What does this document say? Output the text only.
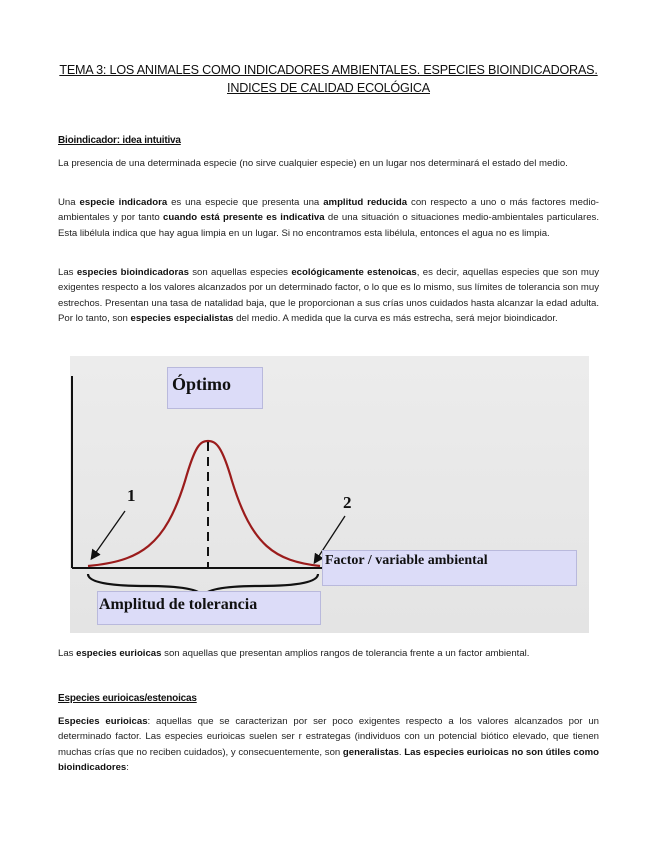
TEMA 3: LOS ANIMALES COMO INDICADORES AMBIENTALES. ESPECIES BIOINDICADORAS.
INDICES DE CALIDAD ECOLÓGICA
Bioindicador: idea intuitiva

La presencia de una determinada especie (no sirve cualquier especie) en un lugar nos determinará el estado del medio.

Una especie indicadora es una especie que presenta una amplitud reducida con respecto a uno o más factores medio-ambientales y por tanto cuando está presente es indicativa de una situación o situaciones medio-ambientales particulares. Esta libélula indica que hay agua limpia en un lugar. Si no encontramos esta libélula, entonces el agua no es limpia.

Las especies bioindicadoras son aquellas especies ecológicamente estenoicas, es decir, aquellas especies que son muy exigentes respecto a los valores alcanzados por un determinado factor, o lo que es lo mismo, sus límites de tolerancia son muy estrechos. Presentan una tasa de natalidad baja, que le proporcionan a sus crías unos cuidados hasta alcanzar la edad adulta. Por lo tanto, son especies especialistas del medio. A medida que la curva es más estrecha, será mejor bioindicador.

Las especies eurioicas son aquellas que presentan amplios rangos de tolerancia frente a un factor ambiental.

Especies eurioicas/estenoicas

Especies eurioicas: aquellas que se caracterizan por ser poco exigentes respecto a los valores alcanzados por un determinado factor. Las especies eurioicas suelen ser r estrategas (individuos con un potencial biótico elevado, que tienen muchas crías que no reciben cuidados), y consecuentemente, son generalistas. Las especies eurioicas no son útiles como bioindicadores:

Óptimo
1	2
Factor / variable ambiental
Amplitud de tolerancia
